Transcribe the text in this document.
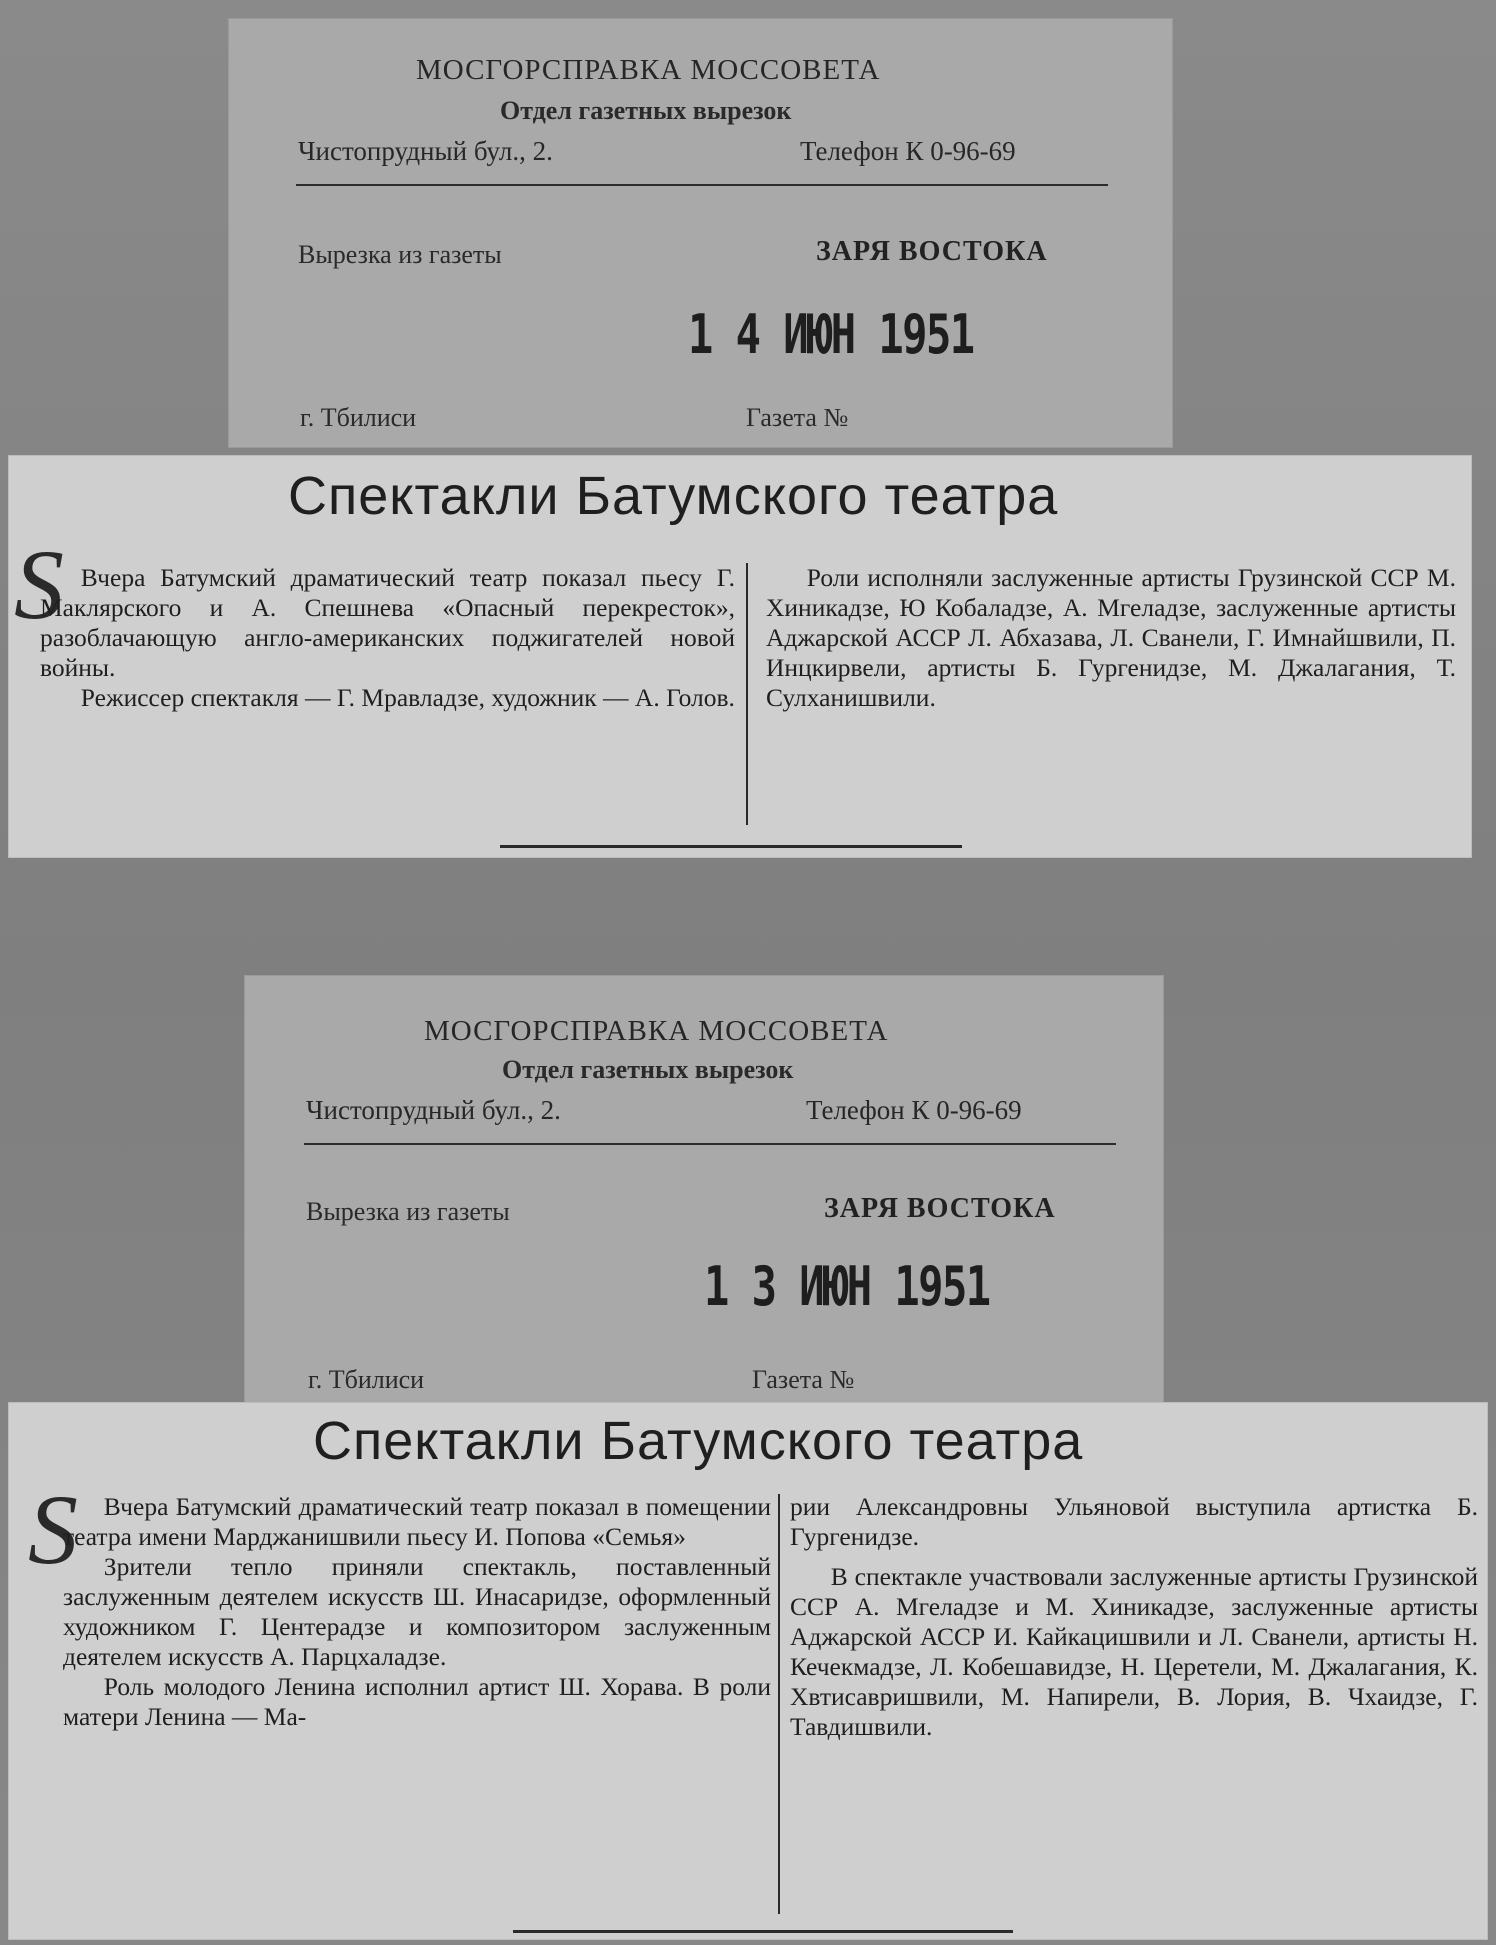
МОСГОРСПРАВКА МОССОВЕТА
Отдел газетных вырезок
Чистопрудный бул., 2.	Телефон К 0-96-69
Вырезка из газеты	ЗАРЯ ВОСТОКА
1 4 ИЮН 1951
г. Тбилиси	Газета №
Спектакли Батумского театра
S Вчера Батумский драматический театр показал пьесу Г. Маклярского и А. Спешнева «Опасный перекресток», разоблачающую англо-американских поджигателей новой войны.

Режиссер спектакля — Г. Мравладзе, художник — А. Голов.

Роли исполняли заслуженные артисты Грузинской ССР М. Хиникадзе, Ю Кобаладзе, А. Мгеладзе, заслуженные артисты Аджарской АССР Л. Абхазава, Л. Сванели, Г. Имнайшвили, П. Инцкирвели, артисты Б. Гургенидзе, М. Джалагания, Т. Сулханишвили.

МОСГОРСПРАВКА МОССОВЕТА
Отдел газетных вырезок
Чистопрудный бул., 2.	Телефон К 0-96-69
Вырезка из газеты	ЗАРЯ ВОСТОКА
1 3 ИЮН 1951
г. Тбилиси	Газета №
Спектакли Батумского театра
S	Вчера Батумский драматический театр показал в помещении театра имени Марджанишвили пьесу И. Попова «Семья»

Зрители тепло приняли спектакль, поставленный заслуженным деятелем искусств Ш. Инасаридзе, оформленный художником Г. Центерадзе и композитором заслуженным деятелем искусств А. Парцхаладзе.

Роль молодого Ленина исполнил артист Ш. Хорава. В роли матери Ленина — Ма-

рии Александровны Ульяновой выступила артистка Б. Гургенидзе.

В спектакле участвовали заслуженные артисты Грузинской ССР А. Мгеладзе и М. Хиникадзе, заслуженные артисты Аджарской АССР И. Кайкацишвили и Л. Сванели, артисты Н. Кечекмадзе, Л. Кобешавидзе, Н. Церетели, М. Джалагания, К. Хвтисавришвили, М. Напирели, В. Лория, В. Чхаидзе, Г. Тавдишвили.
